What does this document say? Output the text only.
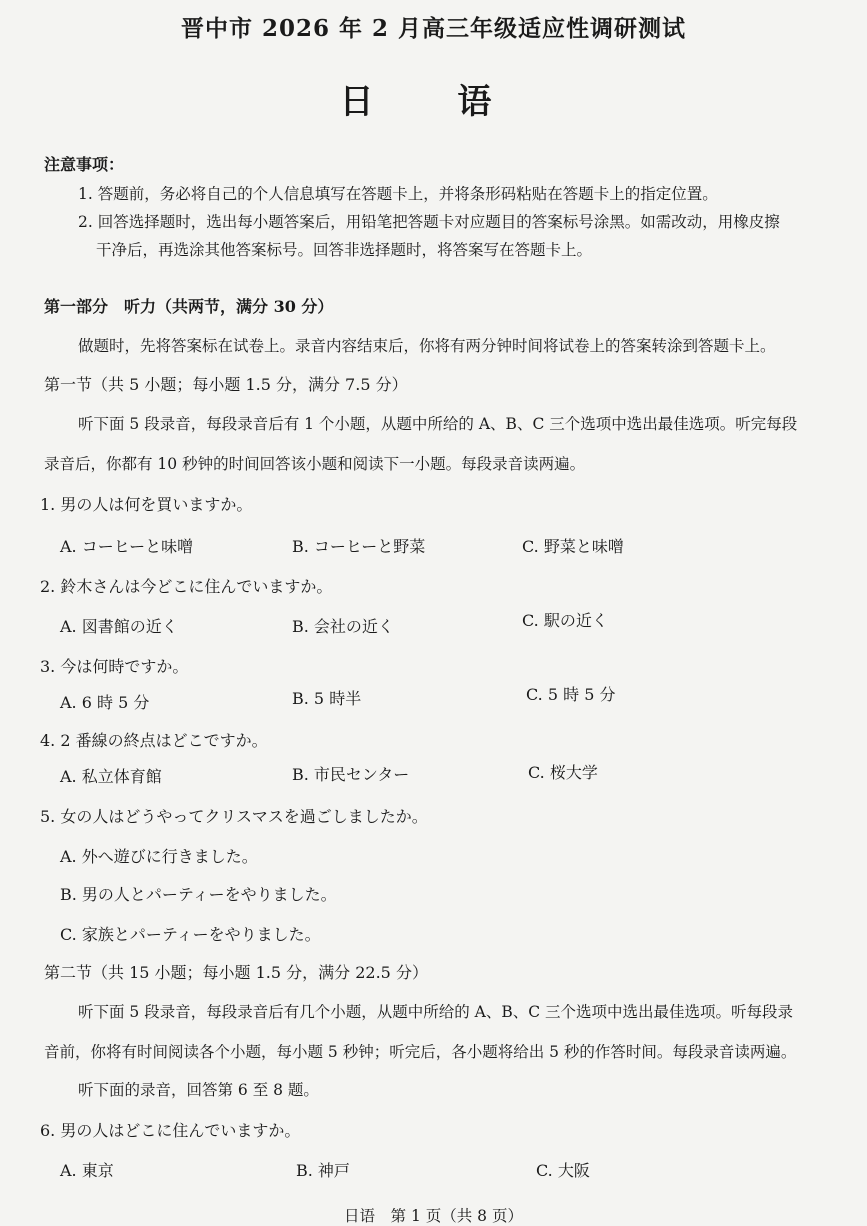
晋中市 2026 年 2 月高三年级适应性调研测试
日 语
注意事项：
1. 答题前，务必将自己的个人信息填写在答题卡上，并将条形码粘贴在答题卡上的指定位置。
2. 回答选择题时，选出每小题答案后，用铅笔把答题卡对应题目的答案标号涂黑。如需改动，用橡皮擦
干净后，再选涂其他答案标号。回答非选择题时，将答案写在答题卡上。
第一部分　听力（共两节，满分 30 分）
做题时，先将答案标在试卷上。录音内容结束后，你将有两分钟时间将试卷上的答案转涂到答题卡上。
第一节（共 5 小题；每小题 1.5 分，满分 7.5 分）
听下面 5 段录音，每段录音后有 1 个小题，从题中所给的 A、B、C 三个选项中选出最佳选项。听完每段
录音后，你都有 10 秒钟的时间回答该小题和阅读下一小题。每段录音读两遍。
1. 男の人は何を買いますか。
A. コーヒーと味噌	B. コーヒーと野菜	C. 野菜と味噌
2. 鈴木さんは今どこに住んでいますか。
A. 図書館の近く	B. 会社の近く	C. 駅の近く
3. 今は何時ですか。
A. 6 時 5 分	B. 5 時半	C. 5 時 5 分
4. 2 番線の終点はどこですか。
A. 私立体育館	B. 市民センター	C. 桜大学
5. 女の人はどうやってクリスマスを過ごしましたか。
A. 外へ遊びに行きました。
B. 男の人とパーティーをやりました。
C. 家族とパーティーをやりました。
第二节（共 15 小题；每小题 1.5 分，满分 22.5 分）
听下面 5 段录音，每段录音后有几个小题，从题中所给的 A、B、C 三个选项中选出最佳选项。听每段录
音前，你将有时间阅读各个小题，每小题 5 秒钟；听完后，各小题将给出 5 秒的作答时间。每段录音读两遍。
听下面的录音，回答第 6 至 8 题。
6. 男の人はどこに住んでいますか。
A. 東京	B. 神戸	C. 大阪
日语　第 1 页（共 8 页）
